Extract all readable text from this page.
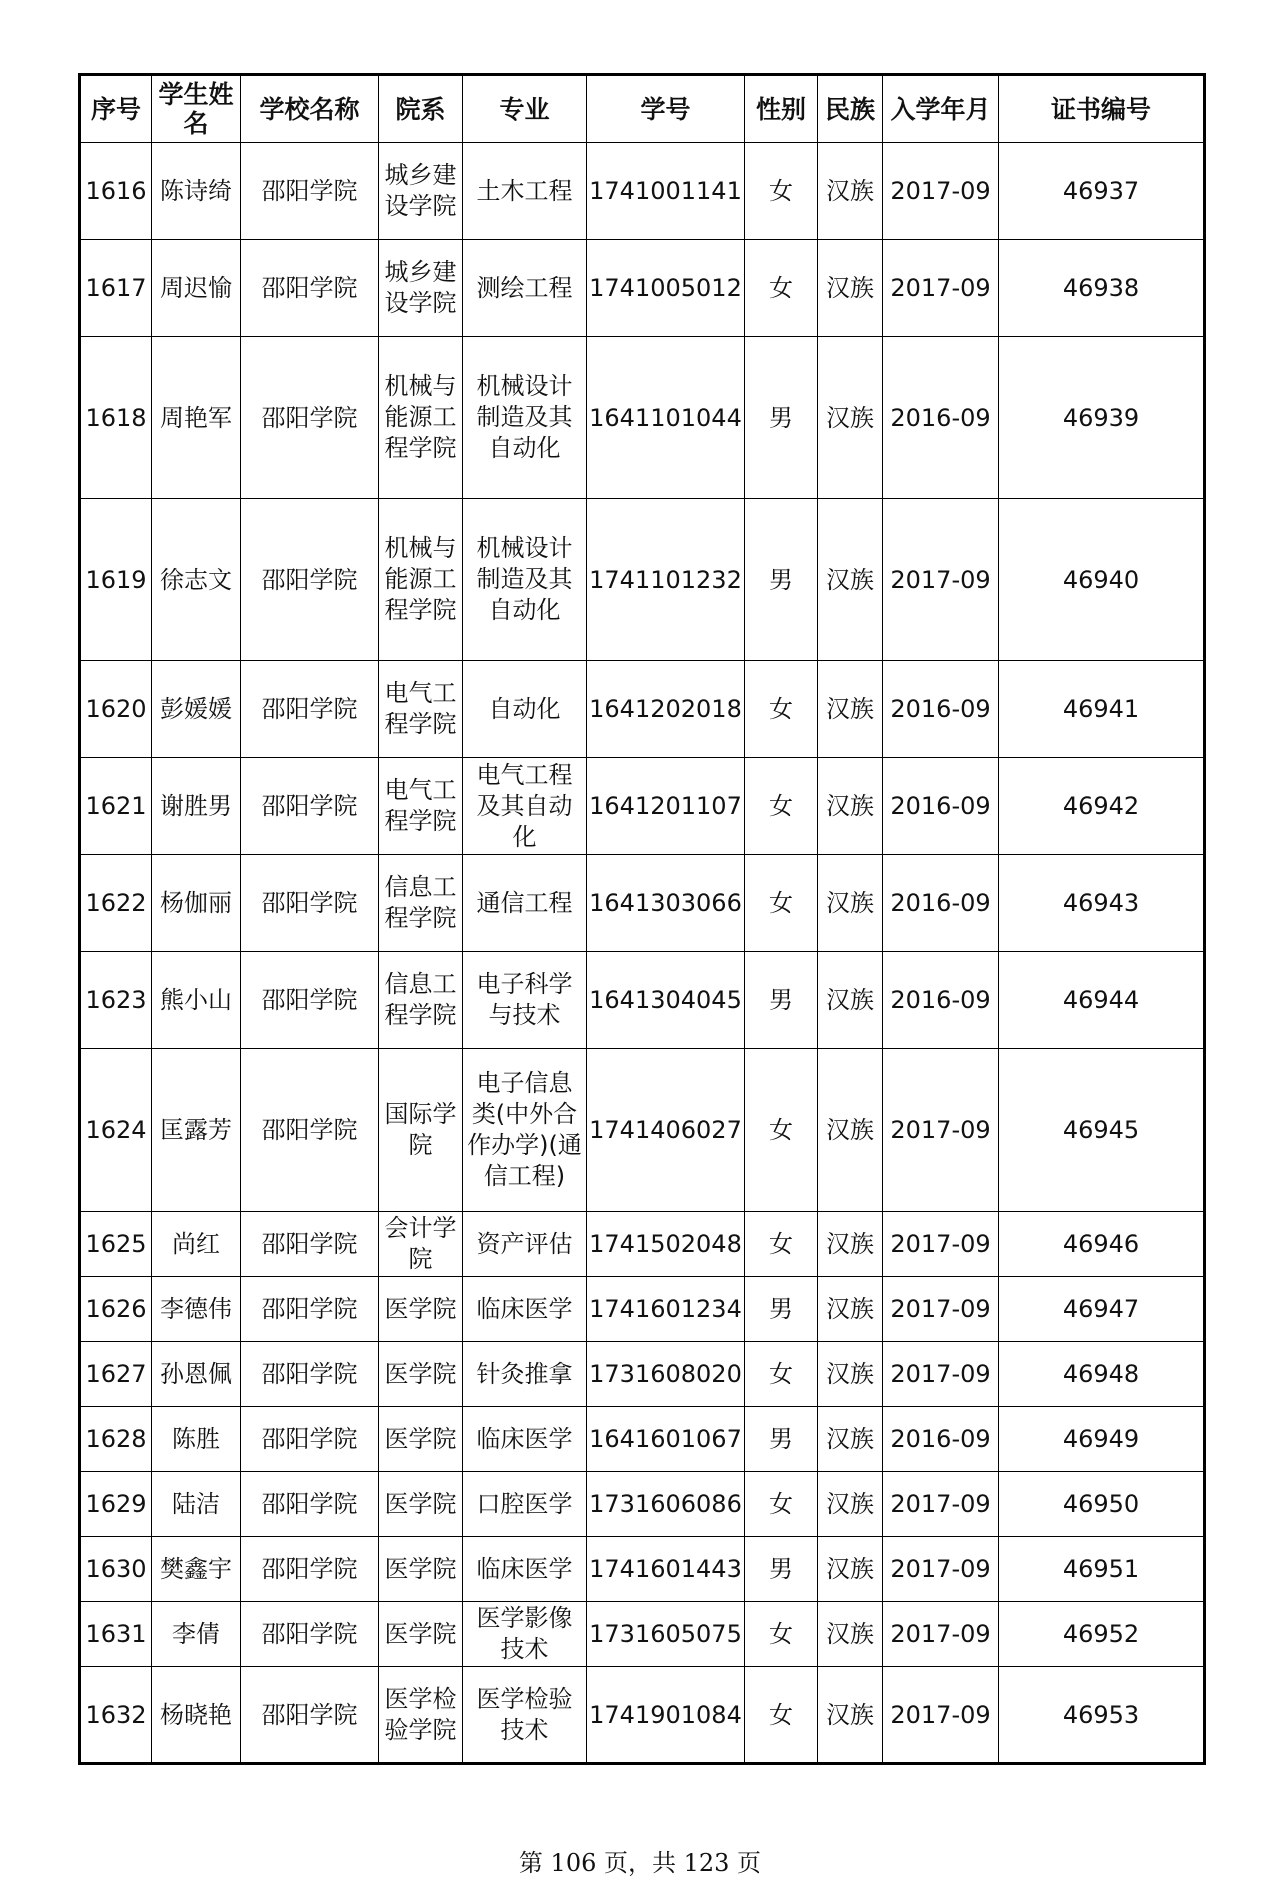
序号	学生姓名	学校名称	院系	专业	学号	性别	民族	入学年月	证书编号
1616	陈诗绮	邵阳学院	城乡建设学院	土木工程	1741001141	女	汉族	2017-09	46937
1617	周迟愉	邵阳学院	城乡建设学院	测绘工程	1741005012	女	汉族	2017-09	46938
1618	周艳军	邵阳学院	机械与能源工程学院	机械设计制造及其自动化	1641101044	男	汉族	2016-09	46939
1619	徐志文	邵阳学院	机械与能源工程学院	机械设计制造及其自动化	1741101232	男	汉族	2017-09	46940
1620	彭媛媛	邵阳学院	电气工程学院	自动化	1641202018	女	汉族	2016-09	46941
1621	谢胜男	邵阳学院	电气工程学院	电气工程及其自动化	1641201107	女	汉族	2016-09	46942
1622	杨伽丽	邵阳学院	信息工程学院	通信工程	1641303066	女	汉族	2016-09	46943
1623	熊小山	邵阳学院	信息工程学院	电子科学与技术	1641304045	男	汉族	2016-09	46944
1624	匡露芳	邵阳学院	国际学院	电子信息类(中外合作办学)(通信工程)	1741406027	女	汉族	2017-09	46945
1625	尚红	邵阳学院	会计学院	资产评估	1741502048	女	汉族	2017-09	46946
1626	李德伟	邵阳学院	医学院	临床医学	1741601234	男	汉族	2017-09	46947
1627	孙恩佩	邵阳学院	医学院	针灸推拿	1731608020	女	汉族	2017-09	46948
1628	陈胜	邵阳学院	医学院	临床医学	1641601067	男	汉族	2016-09	46949
1629	陆洁	邵阳学院	医学院	口腔医学	1731606086	女	汉族	2017-09	46950
1630	樊鑫宇	邵阳学院	医学院	临床医学	1741601443	男	汉族	2017-09	46951
1631	李倩	邵阳学院	医学院	医学影像技术	1731605075	女	汉族	2017-09	46952
1632	杨晓艳	邵阳学院	医学检验学院	医学检验技术	1741901084	女	汉族	2017-09	46953
第 106 页，共 123 页
